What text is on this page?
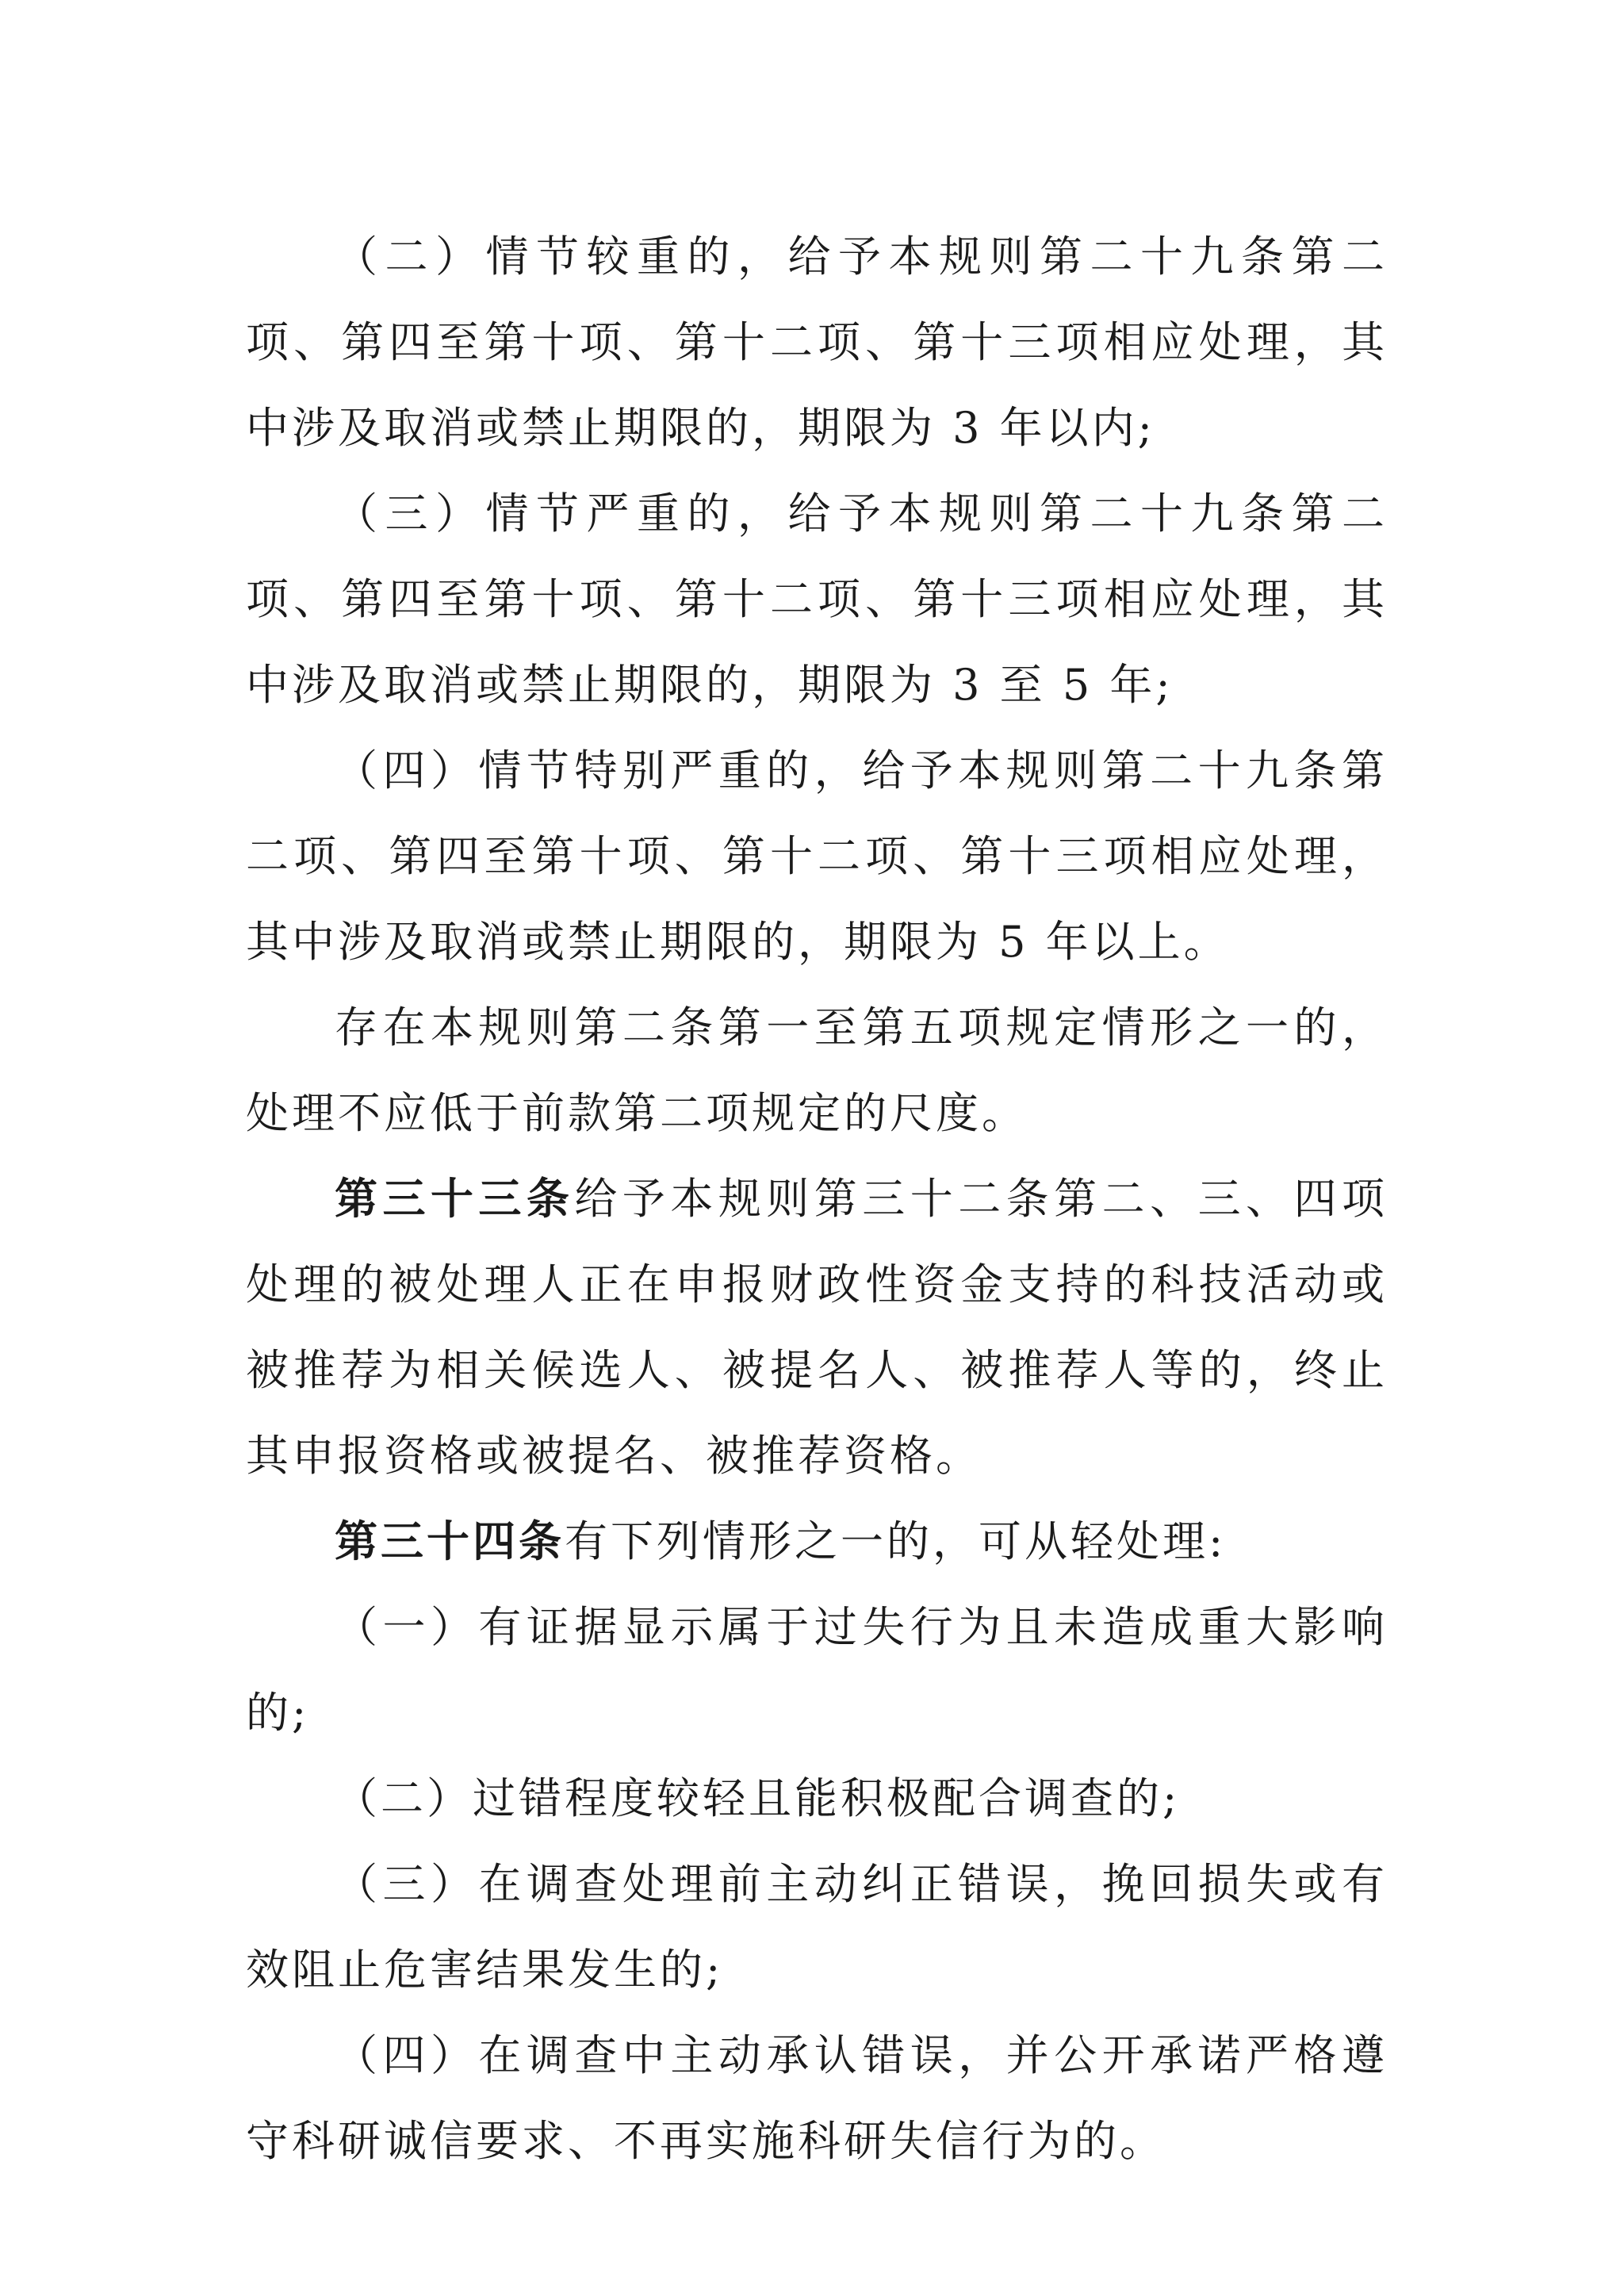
（二）情节较重的，给予本规则第二十九条第二项、第四至第十项、第十二项、第十三项相应处理，其中涉及取消或禁止期限的，期限为 3 年以内;

（三）情节严重的，给予本规则第二十九条第二项、第四至第十项、第十二项、第十三项相应处理，其中涉及取消或禁止期限的，期限为 3 至 5 年;

（四）情节特别严重的，给予本规则第二十九条第二项、第四至第十项、第十二项、第十三项相应处理，其中涉及取消或禁止期限的，期限为 5 年以上。

存在本规则第二条第一至第五项规定情形之一的，处理不应低于前款第二项规定的尺度。

第三十三条给予本规则第三十二条第二、三、四项处理的被处理人正在申报财政性资金支持的科技活动或被推荐为相关候选人、被提名人、被推荐人等的，终止其申报资格或被提名、被推荐资格。

第三十四条有下列情形之一的，可从轻处理:

（一）有证据显示属于过失行为且未造成重大影响的;

（二）过错程度较轻且能积极配合调查的;

（三）在调查处理前主动纠正错误，挽回损失或有效阻止危害结果发生的;

（四）在调查中主动承认错误，并公开承诺严格遵守科研诚信要求、不再实施科研失信行为的。
